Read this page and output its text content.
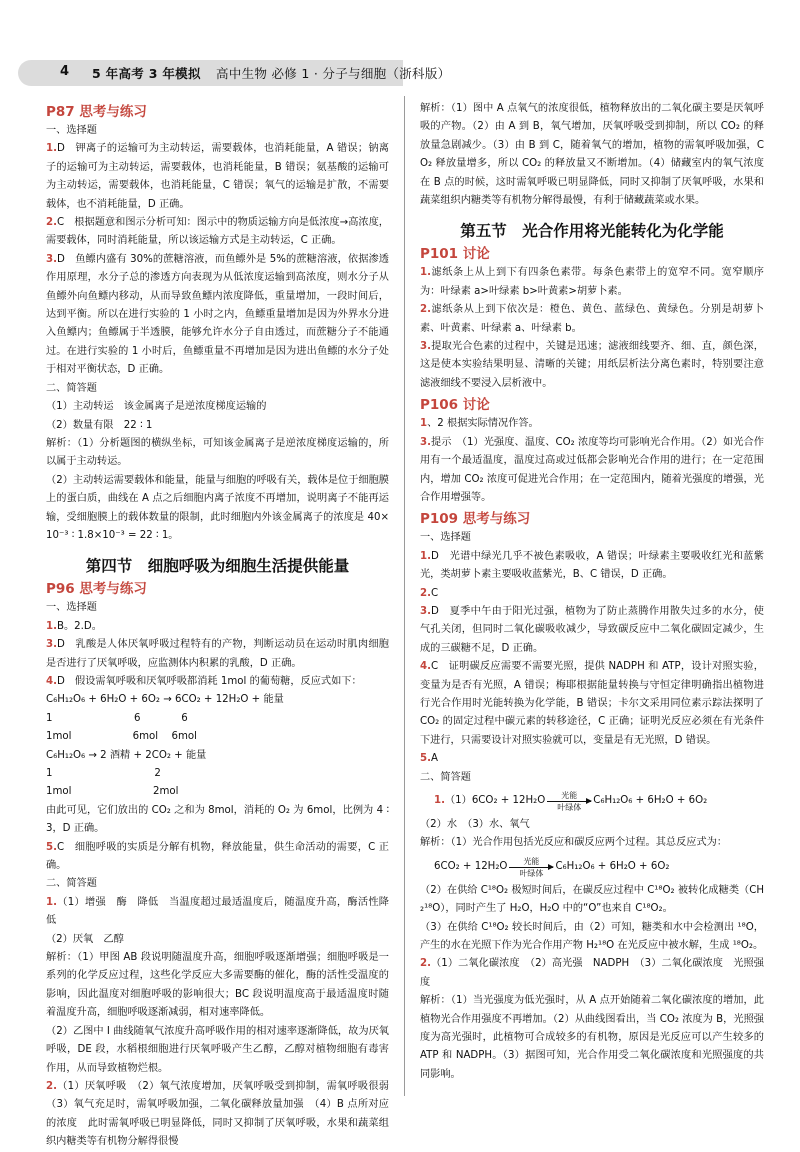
4 5 年高考 3 年模拟 高中生物 必修 1 · 分子与细胞（浙科版）
P87 思考与练习
一、选择题
1.D　钾离子的运输可为主动转运，需要载体，也消耗能量，A 错误；钠离子的运输可为主动转运，需要载体，也消耗能量，B 错误；氨基酸的运输可为主动转运，需要载体，也消耗能量，C 错误；氧气的运输是扩散，不需要载体，也不消耗能量，D 正确。
2.C　根据题意和图示分析可知：图示中的物质运输方向是低浓度→高浓度，需要载体，同时消耗能量，所以该运输方式是主动转运，C 正确。
3.D　鱼鳔内盛有 30%的蔗糖溶液，而鱼鳔外是 5%的蔗糖溶液，依据渗透作用原理，水分子总的渗透方向表现为从低浓度运输到高浓度，则水分子从鱼鳔外向鱼鳔内移动，从而导致鱼鳔内浓度降低，重量增加，一段时间后，达到平衡。所以在进行实验的 1 小时之内，鱼鳔重量增加是因为外界水分进入鱼鳔内；鱼鳔属于半透膜，能够允许水分子自由透过，而蔗糖分子不能通过。在进行实验的 1 小时后，鱼鳔重量不再增加是因为进出鱼鳔的水分子处于相对平衡状态，D 正确。
二、简答题
（1）主动转运　该金属离子是逆浓度梯度运输的
（2）数量有限　22 ∶ 1
解析：（1）分析题图的横纵坐标，可知该金属离子是逆浓度梯度运输的，所以属于主动转运。
（2）主动转运需要载体和能量，能量与细胞的呼吸有关，载体是位于细胞膜上的蛋白质，曲线在 A 点之后细胞内离子浓度不再增加，说明离子不能再运输，受细胞膜上的载体数量的限制，此时细胞内外该金属离子的浓度是 40×10⁻³ ∶ 1.8×10⁻³ = 22 ∶ 1。
第四节　细胞呼吸为细胞生活提供能量
P96 思考与练习
一、选择题
1.B。2.D。
3.D　乳酸是人体厌氧呼吸过程特有的产物，判断运动员在运动时肌肉细胞是否进行了厌氧呼吸，应监测体内积累的乳酸，D 正确。
4.D　假设需氧呼吸和厌氧呼吸都消耗 1mol 的葡萄糖，反应式如下：
C₆H₁₂O₆ + 6H₂O + 6O₂ → 6CO₂ + 12H₂O + 能量
1　　　　　　　　6　　　　6
1mol　　　　　　6mol　 6mol
C₆H₁₂O₆ → 2 酒精 + 2CO₂ + 能量
1　　　　　　　　　　2
1mol　　　　　　　　2mol
由此可见，它们放出的 CO₂ 之和为 8mol，消耗的 O₂ 为 6mol，比例为 4 ∶ 3，D 正确。
5.C　细胞呼吸的实质是分解有机物，释放能量，供生命活动的需要，C 正确。
二、简答题
1.（1）增强　酶　降低　当温度超过最适温度后，随温度升高，酶活性降低
（2）厌氧　乙醇
解析：（1）甲图 AB 段说明随温度升高，细胞呼吸逐渐增强；细胞呼吸是一系列的化学反应过程，这些化学反应大多需要酶的催化，酶的活性受温度的影响，因此温度对细胞呼吸的影响很大；BC 段说明温度高于最适温度时随着温度升高，细胞呼吸逐渐减弱，相对速率降低。
（2）乙图中 Ⅰ 曲线随氧气浓度升高呼吸作用的相对速率逐渐降低，故为厌氧呼吸，DE 段，水稻根细胞进行厌氧呼吸产生乙醇，乙醇对植物细胞有毒害作用，从而导致植物烂根。
2.（1）厌氧呼吸　（2）氧气浓度增加，厌氧呼吸受到抑制，需氧呼吸很弱　（3）氧气充足时，需氧呼吸加强，二氧化碳释放量加强　（4）B 点所对应的浓度　此时需氧呼吸已明显降低，同时又抑制了厌氧呼吸，水果和蔬菜组织内糖类等有机物分解得很慢
解析：（1）图中 A 点氧气的浓度很低，植物释放出的二氧化碳主要是厌氧呼吸的产物。（2）由 A 到 B，氧气增加，厌氧呼吸受到抑制，所以 CO₂ 的释放量急剧减少。（3）由 B 到 C，随着氧气的增加，植物的需氧呼吸加强，CO₂ 释放量增多，所以 CO₂ 的释放量又不断增加。（4）储藏室内的氧气浓度在 B 点的时候，这时需氧呼吸已明显降低，同时又抑制了厌氧呼吸，水果和蔬菜组织内糖类等有机物分解得最慢，有利于储藏蔬菜或水果。
第五节　光合作用将光能转化为化学能
P101 讨论
1.滤纸条上从上到下有四条色素带。每条色素带上的宽窄不同。宽窄顺序为：叶绿素 a>叶绿素 b>叶黄素>胡萝卜素。
2.滤纸条从上到下依次是：橙色、黄色、蓝绿色、黄绿色。分别是胡萝卜素、叶黄素、叶绿素 a、叶绿素 b。
3.提取光合色素的过程中，关键是迅速；滤液细线要齐、细、直，颜色深，这是使本实验结果明显、清晰的关键；用纸层析法分离色素时，特别要注意滤液细线不要浸入层析液中。
P106 讨论
1、2 根据实际情况作答。
3.提示　（1）光强度、温度、CO₂ 浓度等均可影响光合作用。（2）如光合作用有一个最适温度，温度过高或过低都会影响光合作用的进行；在一定范围内，增加 CO₂ 浓度可促进光合作用；在一定范围内，随着光强度的增强，光合作用增强等。
P109 思考与练习
一、选择题
1.D　光谱中绿光几乎不被色素吸收，A 错误；叶绿素主要吸收红光和蓝紫光，类胡萝卜素主要吸收蓝紫光，B、C 错误，D 正确。
2.C
3.D　夏季中午由于阳光过强，植物为了防止蒸腾作用散失过多的水分，使气孔关闭，但同时二氧化碳吸收减少，导致碳反应中二氧化碳固定减少，生成的三碳糖不足，D 正确。
4.C　证明碳反应需要不需要光照，提供 NADPH 和 ATP，设计对照实验，变量为是否有光照，A 错误；梅耶根据能量转换与守恒定律明确指出植物进行光合作用时光能转换为化学能，B 错误；卡尔文采用同位素示踪法探明了 CO₂ 的固定过程中碳元素的转移途径，C 正确；证明光反应必须在有光条件下进行，只需要设计对照实验就可以，变量是有无光照，D 错误。
5.A
二、简答题
1. （1）6CO₂ + 12H₂O 光能
叶绿体
C₆H₁₂O₆ + 6H₂O + 6O₂
（2）水　（3）水、氧气
解析：（1）光合作用包括光反应和碳反应两个过程。其总反应式为：
6CO₂ + 12H₂O 光能
叶绿体
C₆H₁₂O₆ + 6H₂O + 6O₂
（2）在供给 C¹⁸O₂ 极短时间后，在碳反应过程中 C¹⁸O₂ 被转化成糖类（CH₂¹⁸O），同时产生了 H₂O，H₂O 中的“O”也来自 C¹⁸O₂。
（3）在供给 C¹⁸O₂ 较长时间后，由（2）可知，糖类和水中会检测出 ¹⁸O，产生的水在光照下作为光合作用产物 H₂¹⁸O 在光反应中被水解，生成 ¹⁸O₂。
2.（1）二氧化碳浓度　（2）高光强　NADPH　（3）二氧化碳浓度　光照强度
解析：（1）当光强度为低光强时，从 A 点开始随着二氧化碳浓度的增加，此植物光合作用强度不再增加。（2）从曲线图看出，当 CO₂ 浓度为 B，光照强度为高光强时，此植物可合成较多的有机物，原因是光反应可以产生较多的 ATP 和 NADPH。（3）据图可知，光合作用受二氧化碳浓度和光照强度的共同影响。
